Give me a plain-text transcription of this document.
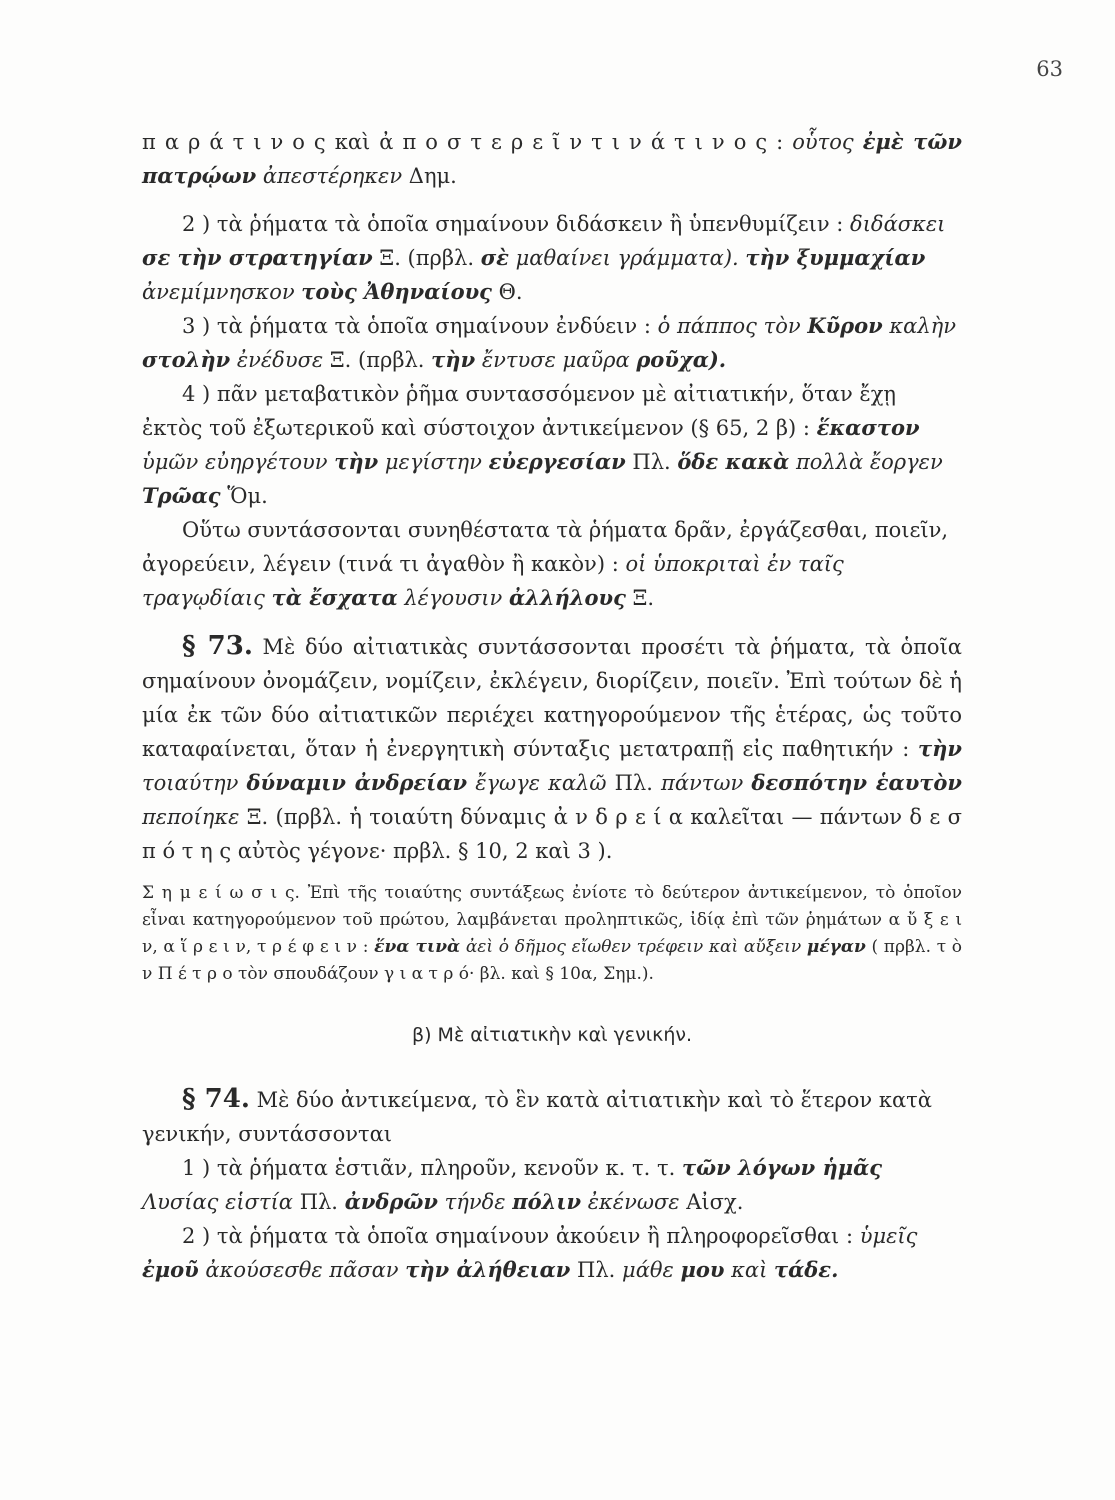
63

π α ρ ά τ ι ν ο ς καὶ ἀ π ο σ τ ε ρ ε ῖ ν τ ι ν ά τ ι ν ο ς : οὗτος ἐμὲ τῶν πατρῴων ἀπεστέρηκεν Δημ.

2 ) τὰ ῥήματα τὰ ὁποῖα σημαίνουν διδάσκειν ἢ ὑπενθυμίζειν : διδάσκει σε τὴν στρατηγίαν Ξ. (πρβλ. σὲ μαθαίνει γράμματα). τὴν ξυμμαχίαν ἀνεμίμνησκον τοὺς Ἀθηναίους Θ.

3 ) τὰ ῥήματα τὰ ὁποῖα σημαίνουν ἐνδύειν : ὁ πάππος τὸν Κῦρον καλὴν στολὴν ἐνέδυσε Ξ. (πρβλ. τὴν ἔντυσε μαῦρα ροῦχα).

4 ) πᾶν μεταβατικὸν ῥῆμα συντασσόμενον μὲ αἰτιατικήν, ὅταν ἔχῃ ἐκτὸς τοῦ ἐξωτερικοῦ καὶ σύστοιχον ἀντικείμενον (§ 65, 2 β) : ἕκαστον ὑμῶν εὐηργέτουν τὴν μεγίστην εὐεργεσίαν Πλ. ὅδε κακὰ πολλὰ ἔοργεν Τρῶας Ὅμ.

Οὕτω συντάσσονται συνηθέστατα τὰ ῥήματα δρᾶν, ἐργάζεσθαι, ποιεῖν, ἀγορεύειν, λέγειν (τινά τι ἀγαθὸν ἢ κακὸν) : οἱ ὑποκριταὶ ἐν ταῖς τραγῳδίαις τὰ ἔσχατα λέγουσιν ἀλλήλους Ξ.

§ 73. Μὲ δύο αἰτιατικὰς συντάσσονται προσέτι τὰ ῥήματα, τὰ ὁποῖα σημαίνουν ὀνομάζειν, νομίζειν, ἐκλέγειν, διορίζειν, ποιεῖν. Ἐπὶ τούτων δὲ ἡ μία ἐκ τῶν δύο αἰτιατικῶν περιέχει κατηγορούμενον τῆς ἑτέρας, ὡς τοῦτο καταφαίνεται, ὅταν ἡ ἐνεργητικὴ σύνταξις μετατραπῇ εἰς παθητικήν : τὴν τοιαύτην δύναμιν ἀνδρείαν ἔγωγε καλῶ Πλ. πάντων δεσπότην ἑαυτὸν πεποίηκε Ξ. (πρβλ. ἡ τοιαύτη δύναμις ἀ ν δ ρ ε ί α καλεῖται — πάντων δ ε σ π ό τ η ς αὐτὸς γέγονε· πρβλ. § 10, 2 καὶ 3 ).

Σ η μ ε ί ω σ ι ς. Ἐπὶ τῆς τοιαύτης συντάξεως ἐνίοτε τὸ δεύτερον ἀντικείμενον, τὸ ὁποῖον εἶναι κατηγορούμενον τοῦ πρώτου, λαμβάνεται προληπτικῶς, ἰδίᾳ ἐπὶ τῶν ῥημάτων α ὔ ξ ε ι ν, α ἵ ρ ε ι ν, τ ρ έ φ ε ι ν : ἕνα τινὰ ἀεὶ ὁ δῆμος εἴωθεν τρέφειν καὶ αὔξειν μέγαν ( πρβλ. τ ὸ ν Π έ τ ρ ο τὸν σπουδάζουν γ ι α τ ρ ό· βλ. καὶ § 10α, Σημ.).

β) Μὲ αἰτιατικὴν καὶ γενικήν.

§ 74. Μὲ δύο ἀντικείμενα, τὸ ἓν κατὰ αἰτιατικὴν καὶ τὸ ἕτερον κατὰ γενικήν, συντάσσονται

1 ) τὰ ῥήματα ἑστιᾶν, πληροῦν, κενοῦν κ. τ. τ. τῶν λόγων ἡμᾶς Λυσίας εἱστία Πλ. ἀνδρῶν τήνδε πόλιν ἐκένωσε Αἰσχ.

2 ) τὰ ῥήματα τὰ ὁποῖα σημαίνουν ἀκούειν ἢ πληροφορεῖσθαι : ὑμεῖς ἐμοῦ ἀκούσεσθε πᾶσαν τὴν ἀλήθειαν Πλ. μάθε μου καὶ τάδε.
